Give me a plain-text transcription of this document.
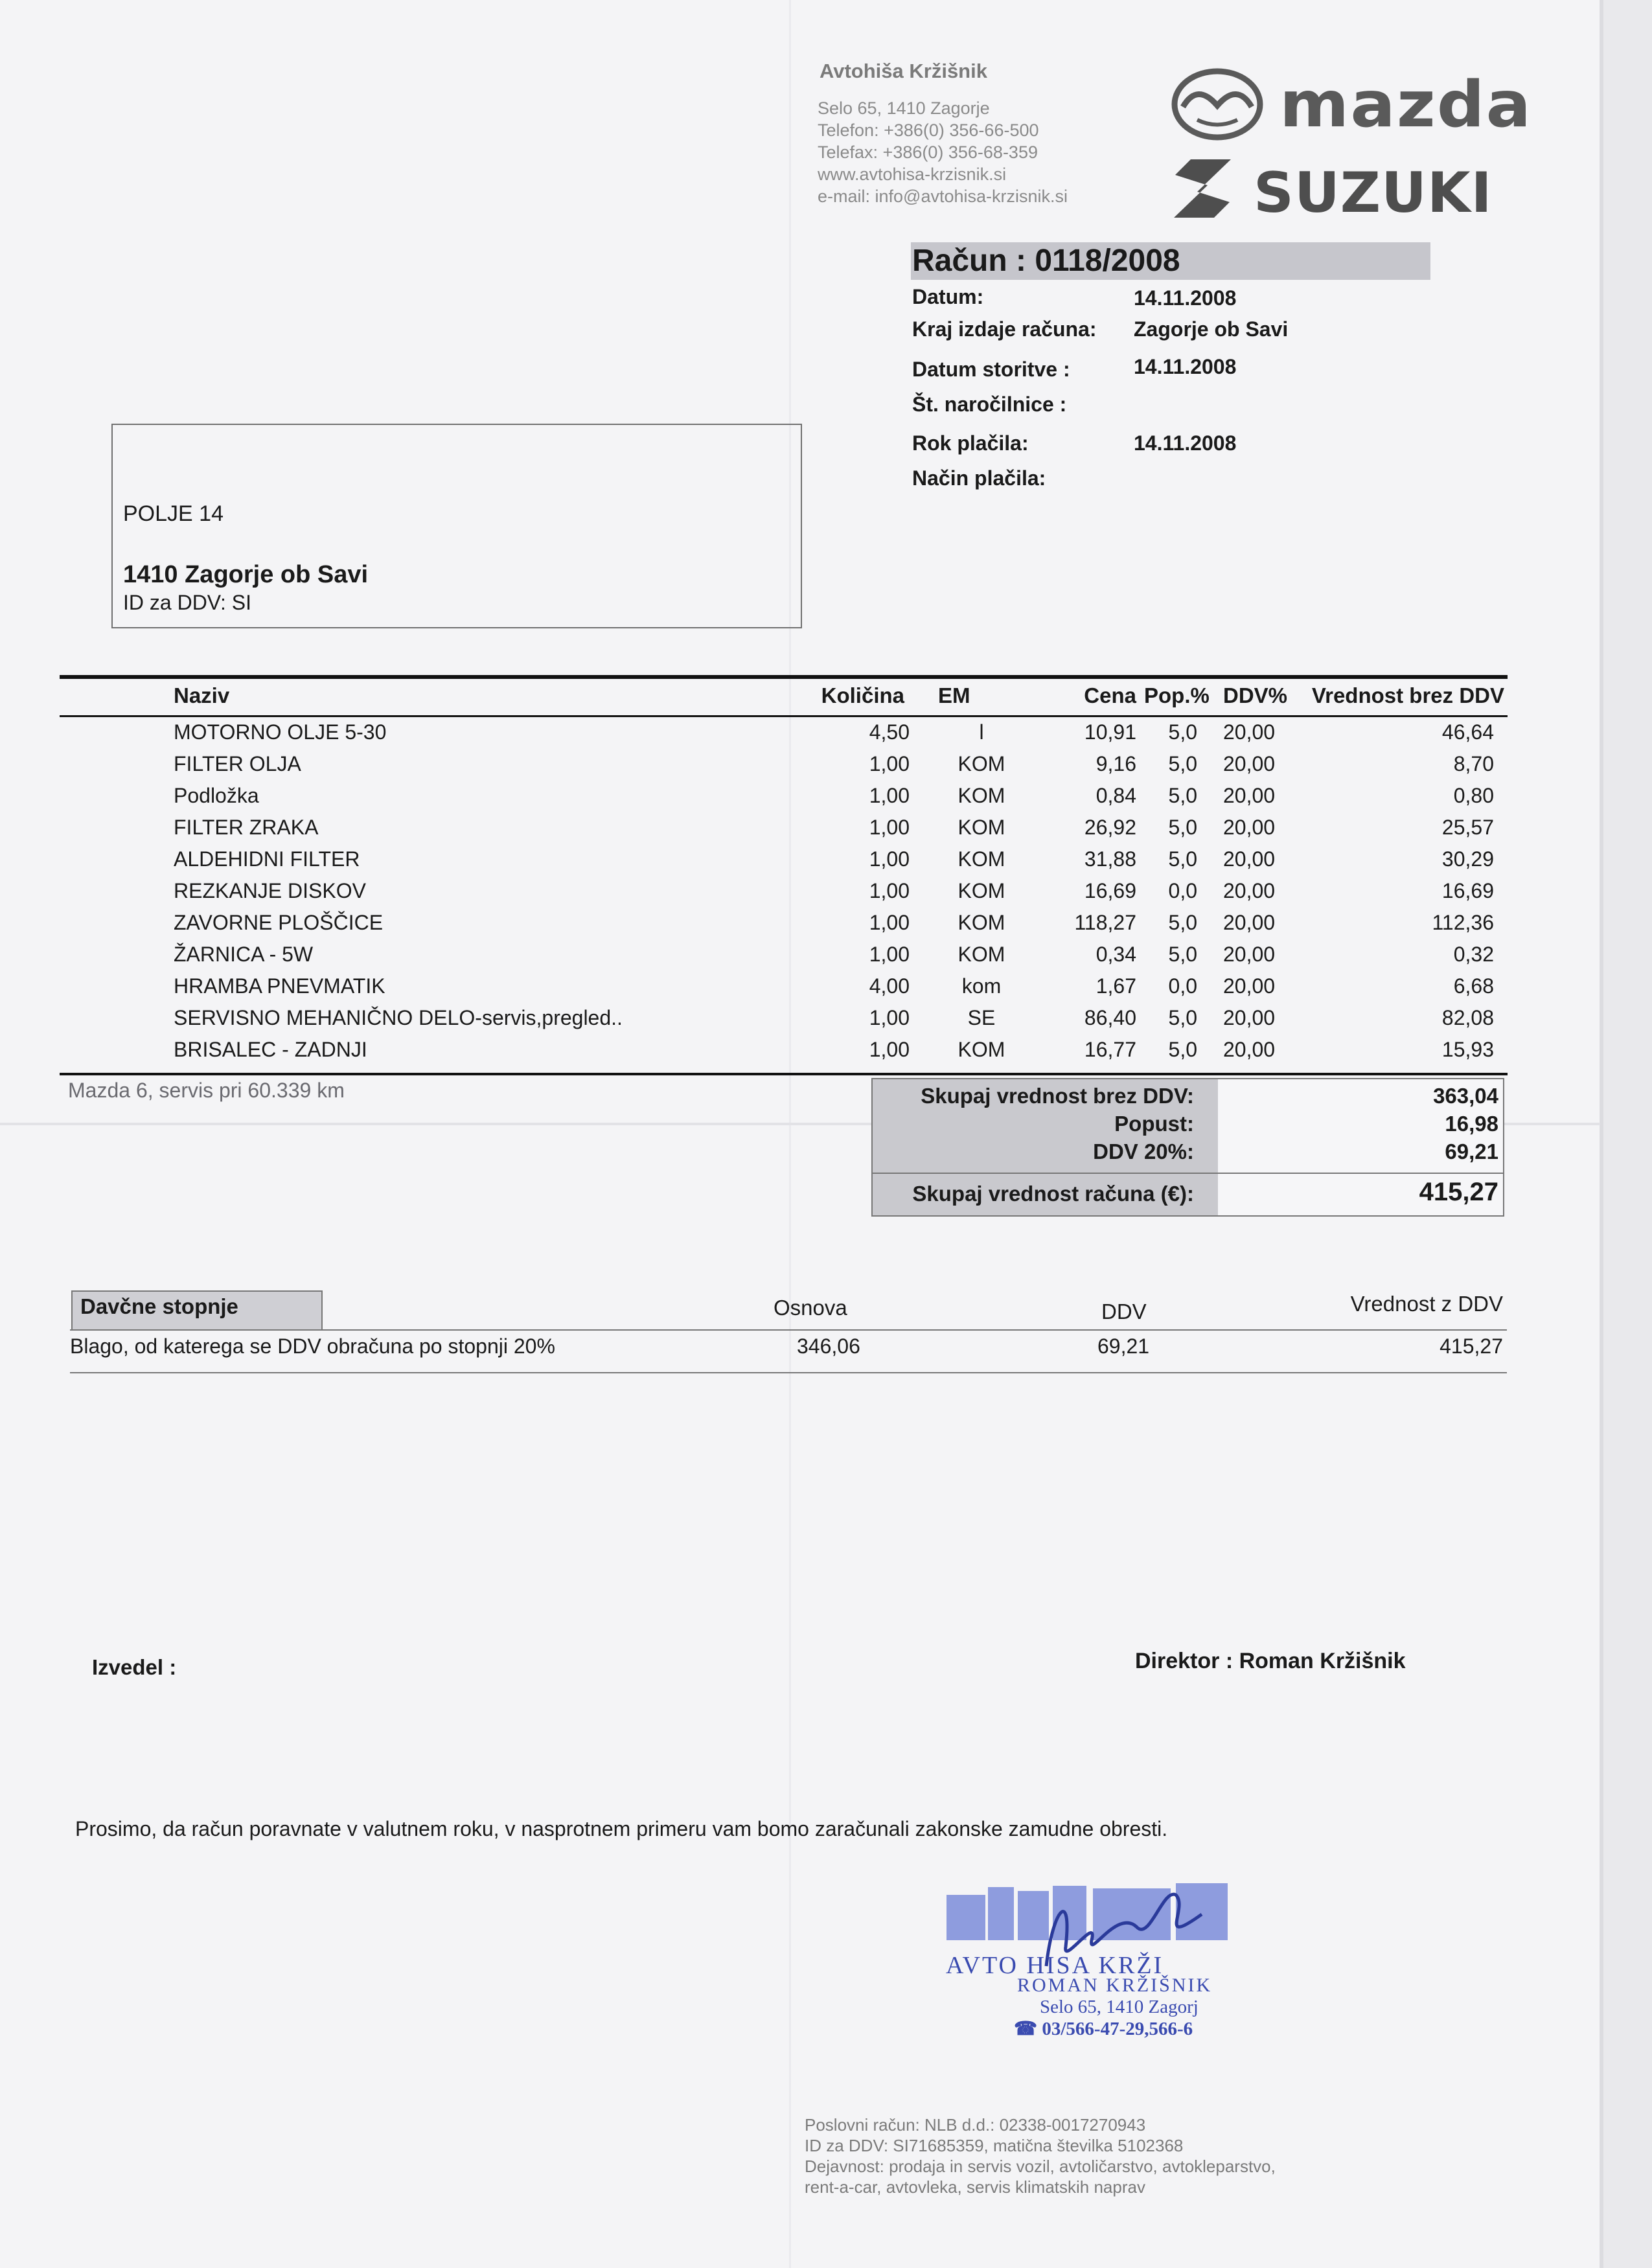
Avtohiša Kržišnik
Selo 65, 1410 Zagorje
Telefon: +386(0) 356-66-500
Telefax: +386(0) 356-68-359
www.avtohisa-krzisnik.si
e-mail: info@avtohisa-krzisnik.si
mazda
SUZUKI
Račun : 0118/2008
Datum:	14.11.2008
Kraj izdaje računa: Zagorje ob Savi
Datum storitve :	14.11.2008
Št. naročilnice :
Rok plačila:	14.11.2008
Način plačila:
POLJE 14
1410 Zagorje ob Savi
ID za DDV: SI
Naziv	Količina EM	Cena Pop.% DDV% Vrednost brez DDV
MOTORNO OLJE 5-30	4,50	l	10,91 5,0 20,00	46,64
FILTER OLJA	1,00	KOM	9,16 5,0 20,00	8,70
Podložka	1,00	KOM	0,84 5,0 20,00	0,80
FILTER ZRAKA	1,00	KOM	26,92 5,0 20,00	25,57
ALDEHIDNI FILTER	1,00	KOM	31,88 5,0 20,00	30,29
REZKANJE DISKOV	1,00	KOM	16,69 0,0 20,00	16,69
ZAVORNE PLOŠČICE	1,00	KOM	118,27 5,0 20,00	112,36
ŽARNICA - 5W	1,00	KOM	0,34 5,0 20,00	0,32
HRAMBA PNEVMATIK	4,00	kom	1,67 0,0 20,00	6,68
SERVISNO MEHANIČNO DELO-servis,pregled..	1,00	SE	86,40 5,0 20,00	82,08
BRISALEC - ZADNJI	1,00	KOM	16,77 5,0 20,00	15,93
Mazda 6, servis pri 60.339 km	Skupaj vrednost brez DDV:	363,04
Popust:	16,98
DDV 20%:	69,21
Skupaj vrednost računa (€):	415,27
Davčne stopnje	Osnova	DDV	Vrednost z DDV
Blago, od katerega se DDV obračuna po stopnji 20%	346,06	69,21	415,27
Izvedel :	Direktor : Roman Kržišnik
Prosimo, da račun poravnate v valutnem roku, v nasprotnem primeru vam bomo zaračunali zakonske zamudne obresti.
AVTO HISA KRŽI
ROMAN KRŽIŠNIK
Selo 65, 1410 Zagorj
☎ 03/566-47-29,566-6
Poslovni račun: NLB d.d.: 02338-0017270943
ID za DDV: SI71685359, matična številka 5102368
Dejavnost: prodaja in servis vozil, avtoličarstvo, avtokleparstvo,
rent-a-car, avtovleka, servis klimatskih naprav
